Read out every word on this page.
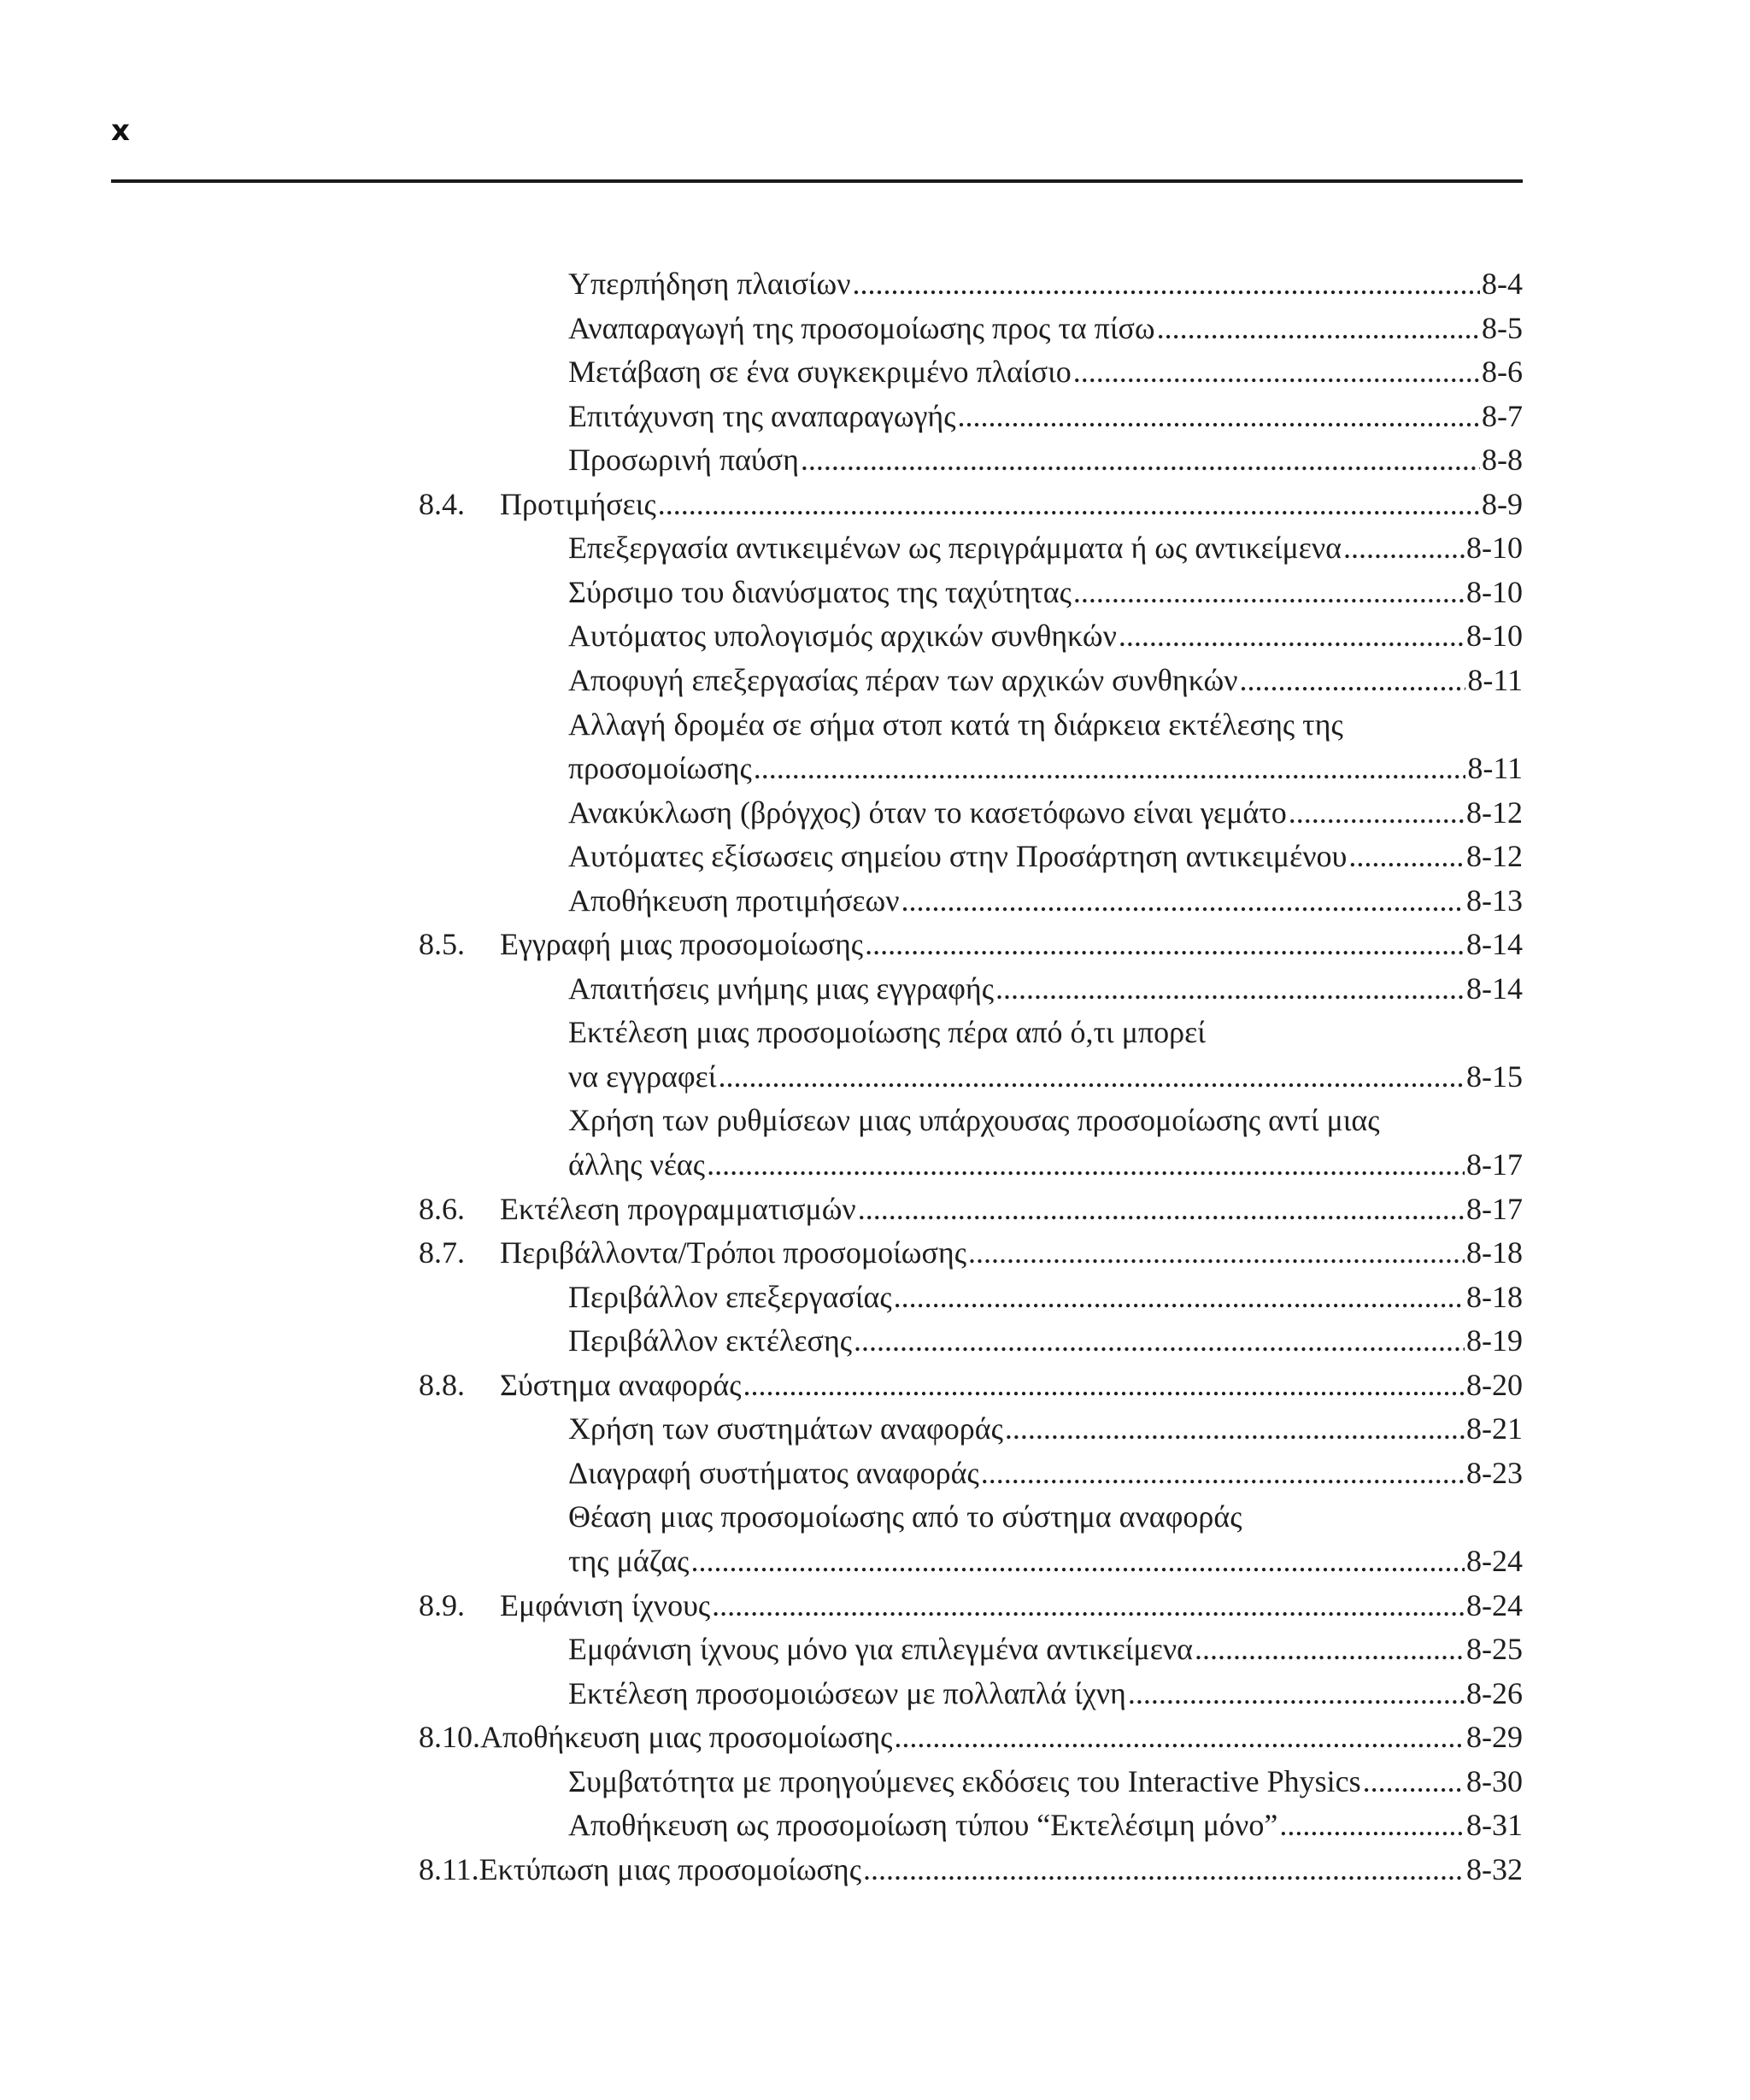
x
Υπερπήδηση πλαισίων .....	8-4
Αναπαραγωγή της προσομοίωσης προς τα πίσω .....	8-5
Μετάβαση σε ένα συγκεκριμένο πλαίσιο .....	8-6
Επιτάχυνση της αναπαραγωγής .....	8-7
Προσωρινή παύση .....	8-8
8.4.	Προτιμήσεις .....	8-9
Επεξεργασία αντικειμένων ως περιγράμματα ή ως αντικείμενα .....	8-10
Σύρσιμο του διανύσματος της ταχύτητας .....	8-10
Αυτόματος υπολογισμός αρχικών συνθηκών .....	8-10
Αποφυγή επεξεργασίας πέραν των αρχικών συνθηκών .....	8-11
Αλλαγή δρομέα σε σήμα στοπ κατά τη διάρκεια εκτέλεσης της
προσομοίωσης .....	8-11
Ανακύκλωση (βρόγχος) όταν το κασετόφωνο είναι γεμάτο .....	8-12
Αυτόματες εξίσωσεις σημείου στην Προσάρτηση αντικειμένου .....	8-12
Αποθήκευση προτιμήσεων .....	8-13
8.5.	Εγγραφή μιας προσομοίωσης .....	8-14
Απαιτήσεις μνήμης μιας εγγραφής .....	8-14
Εκτέλεση μιας προσομοίωσης πέρα από ό,τι μπορεί
να εγγραφεί .....	8-15
Χρήση των ρυθμίσεων μιας υπάρχουσας προσομοίωσης αντί μιας
άλλης νέας .....	8-17
8.6.	Εκτέλεση προγραμματισμών .....	8-17
8.7.	Περιβάλλοντα/Τρόποι προσομοίωσης .....	8-18
Περιβάλλον επεξεργασίας .....	8-18
Περιβάλλον εκτέλεσης .....	8-19
8.8.	Σύστημα αναφοράς .....	8-20
Χρήση των συστημάτων αναφοράς .....	8-21
Διαγραφή συστήματος αναφοράς .....	8-23
Θέαση μιας προσομοίωσης από το σύστημα αναφοράς
της μάζας .....	8-24
8.9.	Εμφάνιση ίχνους .....	8-24
Εμφάνιση ίχνους μόνο για επιλεγμένα αντικείμενα .....	8-25
Εκτέλεση προσομοιώσεων με πολλαπλά ίχνη .....	8-26
8.10. Αποθήκευση μιας προσομοίωσης .....	8-29
Συμβατότητα με προηγούμενες εκδόσεις του Interactive Physics .....	8-30
Αποθήκευση ως προσομοίωση τύπου “Εκτελέσιμη μόνο” .....	8-31
8.11. Εκτύπωση μιας προσομοίωσης .....	8-32
